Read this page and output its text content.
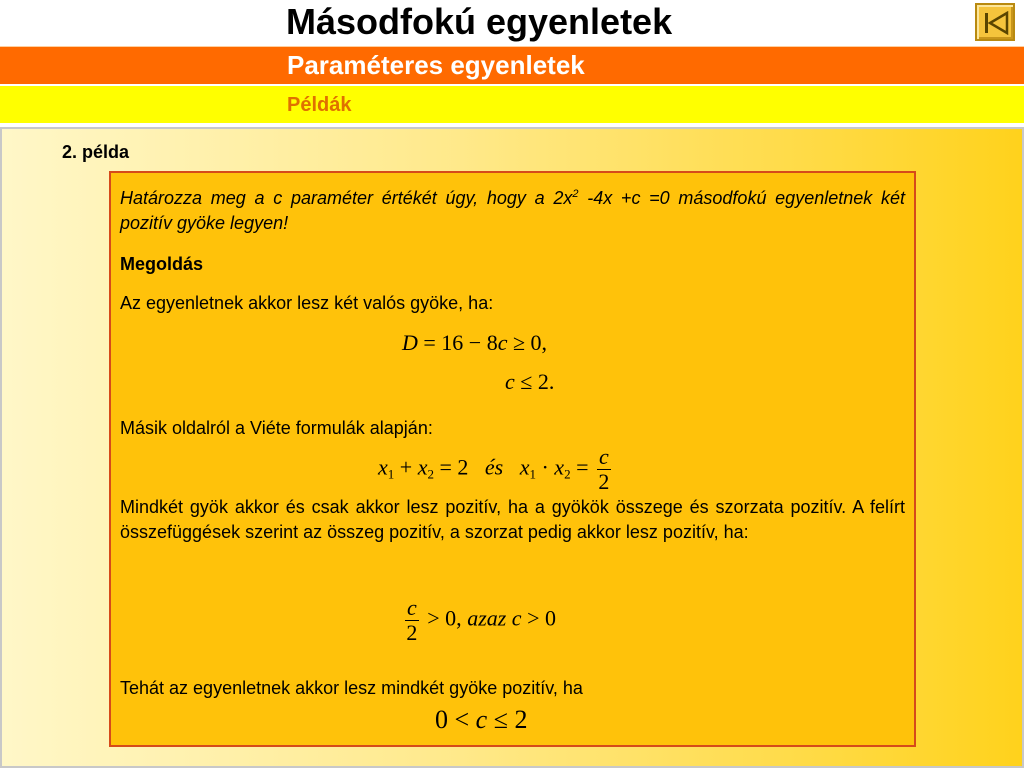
Másodfokú egyenletek
Paraméteres egyenletek
Példák
2. példa
Határozza meg a c paraméter értékét úgy, hogy a $2x^2$ -4x +c =0 másodfokú egyenletnek két pozitív gyöke legyen!
Megoldás
Az egyenletnek akkor lesz két valós gyöke, ha:
D = 16 − 8c ≥ 0,
c ≤ 2.
Másik oldalról a Viéte formulák alapján:
$x_1 + x_2 = 2$ és $x_1 \cdot x_2 = \frac{c}{2}$
Mindkét gyök akkor és csak akkor lesz pozitív, ha a gyökök összege és szorzata pozitív. A felírt összefüggések szerint az összeg pozitív, a szorzat pedig akkor lesz pozitív, ha:
$\frac{c}{2} > 0$, azaz c > 0
Tehát az egyenletnek akkor lesz mindkét gyöke pozitív, ha
0 < c ≤ 2
